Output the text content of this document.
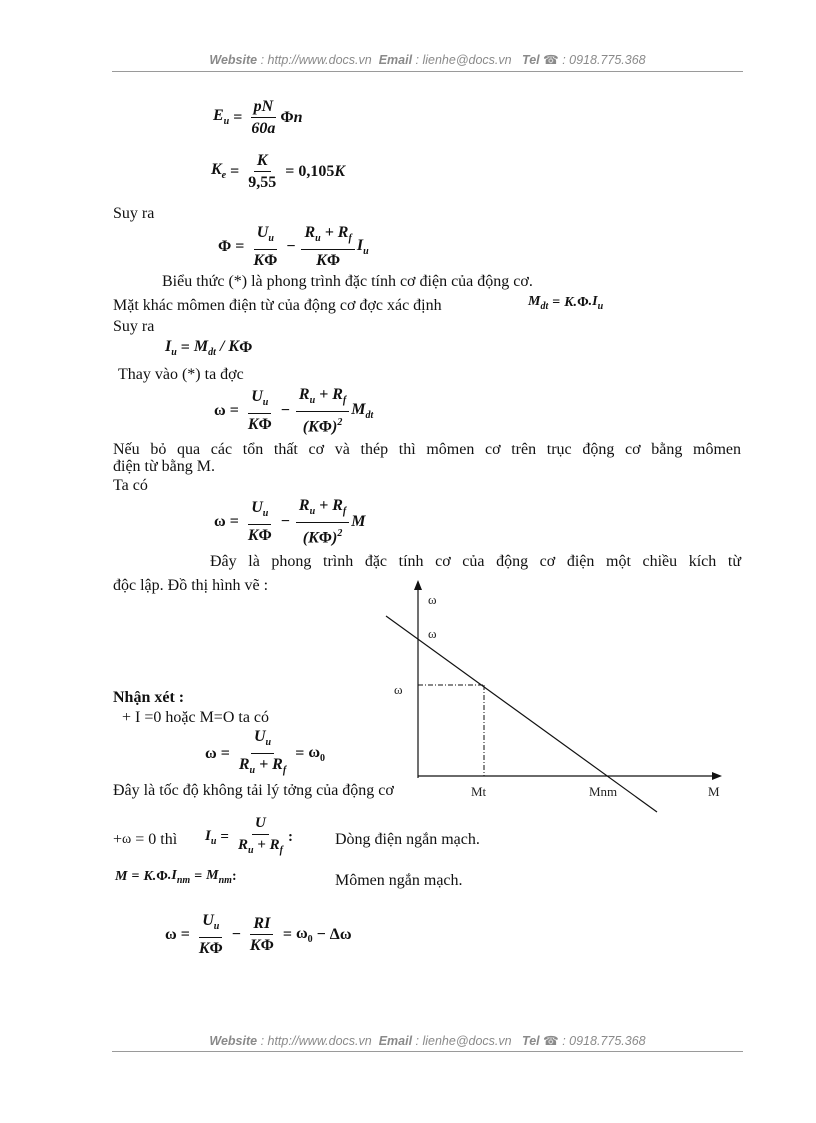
Website : http://www.docs.vn Email : lienhe@docs.vn Tel ☎ : 0918.775.368
$E_u = \frac{pN}{60a}$ Φ n
$K_e = \frac{K}{9,55} = 0,105$ K
Suy ra
$\Phi = \frac{U_u}{K\Phi} - \frac{R_u + R_f}{K\Phi} I_u$
Biểu thức (*) là phong trình đặc tính cơ điện của động cơ.
Mặt khác mômen điện từ của động cơ đợc xác định	$M_{dt} = K$. Φ $.I_u$
Suy ra
$I_u = M_{dt} / K$ Φ
Thay vào (*) ta đợc
$\omega = \frac{U_u}{K\Phi} - \frac{R_u + R_f}{(K\Phi)^2} M_{dt}$
Nếu bỏ qua các tổn thất cơ và thép thì mômen cơ trên trục động cơ bằng mômen
điện từ bằng M.
Ta có
$\omega = \frac{U_u}{K\Phi} - \frac{R_u + R_f}{(K\Phi)^2}$ M
Đây là phong trình đặc tính cơ của động cơ điện một chiều kích từ
độc lập. Đồ thị hình vẽ :
ω
ω
ω
Mt	Mnm	M
Nhận xét :
+ I =0 hoặc M=O ta có
$\omega = \frac{U_u}{R_u + R_f} = \omega_0$
Đây là tốc độ không tải lý tởng của động cơ
+ ω = 0 thì $I_u = \frac{U}{R_u + R_f}$ :	Dòng điện ngắn mạch.
M = K. Φ $.I_{nm} = M_{nm}$ :	Mômen ngắn mạch.
$\omega = \frac{U_u}{K\Phi} - \frac{RI}{K\Phi} = \omega_0 - \Delta\omega$
Website : http://www.docs.vn Email : lienhe@docs.vn Tel ☎ : 0918.775.368
